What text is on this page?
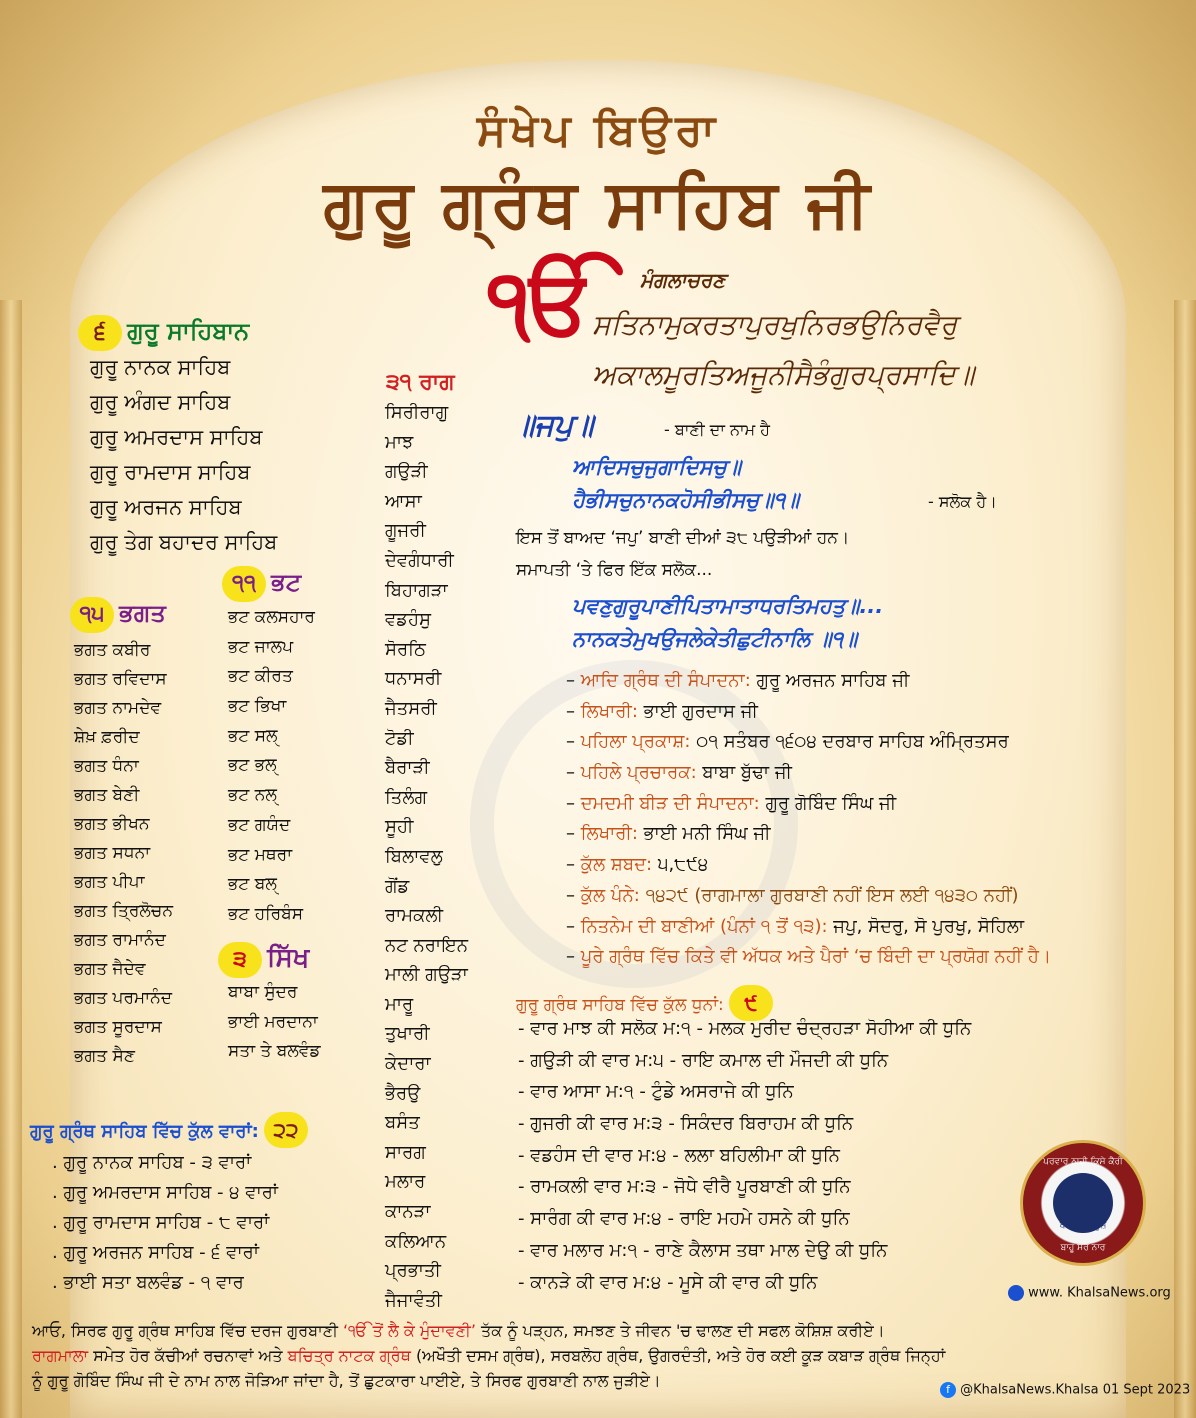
ਸੰਖੇਪ ਬਿਉਰਾ
ਗੁਰੂ ਗ੍ਰੰਥ ਸਾਹਿਬ ਜੀ
ੴ ਮੰਗਲਾਚਰਣ
ਸਤਿਨਾਮੁਕਰਤਾਪੁਰਖੁਨਿਰਭਉਨਿਰਵੈਰੁ
ਅਕਾਲਮੂਰਤਿਅਜੂਨੀਸੈਭੰਗੁਰਪ੍ਰਸਾਦਿ॥
੬ ਗੁਰੂ ਸਾਹਿਬਾਨ
ਗੁਰੂ ਨਾਨਕ ਸਾਹਿਬ
ਗੁਰੂ ਅੰਗਦ ਸਾਹਿਬ
ਗੁਰੂ ਅਮਰਦਾਸ ਸਾਹਿਬ
ਗੁਰੂ ਰਾਮਦਾਸ ਸਾਹਿਬ
ਗੁਰੂ ਅਰਜਨ ਸਾਹਿਬ
ਗੁਰੂ ਤੇਗ ਬਹਾਦਰ ਸਾਹਿਬ
੧੫ ਭਗਤ
ਭਗਤ ਕਬੀਰ
ਭਗਤ ਰਵਿਦਾਸ
ਭਗਤ ਨਾਮਦੇਵ
ਸ਼ੇਖ਼ ਫ਼ਰੀਦ
ਭਗਤ ਧੰਨਾ
ਭਗਤ ਬੇਣੀ
ਭਗਤ ਭੀਖਨ
ਭਗਤ ਸਧਨਾ
ਭਗਤ ਪੀਪਾ
ਭਗਤ ਤ੍ਰਿਲੋਚਨ
ਭਗਤ ਰਾਮਾਨੰਦ
ਭਗਤ ਜੈਦੇਵ
ਭਗਤ ਪਰਮਾਨੰਦ
ਭਗਤ ਸੂਰਦਾਸ
ਭਗਤ ਸੈਣ
੧੧ ਭਟ
ਭਟ ਕਲਸਹਾਰ
ਭਟ ਜਾਲਪ
ਭਟ ਕੀਰਤ
ਭਟ ਭਿਖਾ
ਭਟ ਸਲੑ
ਭਟ ਭਲੑ
ਭਟ ਨਲੑ
ਭਟ ਗਯੰਦ
ਭਟ ਮਥਰਾ
ਭਟ ਬਲੑ
ਭਟ ਹਰਿਬੰਸ
੩ ਸਿੱਖ
ਬਾਬਾ ਸੁੰਦਰ
ਭਾਈ ਮਰਦਾਨਾ
ਸਤਾ ਤੇ ਬਲਵੰਡ
੩੧ ਰਾਗ
ਸਿਰੀਰਾਗੁ
ਮਾਝ
ਗਉੜੀ
ਆਸਾ
ਗੂਜਰੀ
ਦੇਵਗੰਧਾਰੀ
ਬਿਹਾਗੜਾ
ਵਡਹੰਸੁ
ਸੋਰਠਿ
ਧਨਾਸਰੀ
ਜੈਤਸਰੀ
ਟੋਡੀ
ਬੈਰਾੜੀ
ਤਿਲੰਗ
ਸੂਹੀ
ਬਿਲਾਵਲੁ
ਗੋਂਡ
ਰਾਮਕਲੀ
ਨਟ ਨਰਾਇਨ
ਮਾਲੀ ਗਉੜਾ
ਮਾਰੂ
ਤੁਖਾਰੀ
ਕੇਦਾਰਾ
ਭੈਰਉ
ਬਸੰਤ
ਸਾਰਗ
ਮਲਾਰ
ਕਾਨੜਾ
ਕਲਿਆਨ
ਪ੍ਰਭਾਤੀ
ਜੈਜਾਵੰਤੀ
॥ਜਪੁ॥	- ਬਾਣੀ ਦਾ ਨਾਮ ਹੈ
ਆਦਿਸਚੁਜੁਗਾਦਿਸਚੁ॥
ਹੈਭੀਸਚੁਨਾਨਕਹੋਸੀਭੀਸਚੁ॥੧॥	- ਸਲੋਕ ਹੈ।
ਇਸ ਤੋਂ ਬਾਅਦ ‘ਜਪੁ’ ਬਾਣੀ ਦੀਆਂ ੩੮ ਪਉੜੀਆਂ ਹਨ।
ਸਮਾਪਤੀ ‘ਤੇ ਫਿਰ ਇੱਕ ਸਲੋਕ...
ਪਵਣੁਗੁਰੂਪਾਣੀਪਿਤਾਮਾਤਾਧਰਤਿਮਹਤੁ॥...
ਨਾਨਕਤੇਮੁਖਉਜਲੇਕੇਤੀਛੁਟੀਨਾਲਿ ॥੧॥
– ਆਦਿ ਗ੍ਰੰਥ ਦੀ ਸੰਪਾਦਨਾ: ਗੁਰੂ ਅਰਜਨ ਸਾਹਿਬ ਜੀ
– ਲਿਖਾਰੀ: ਭਾਈ ਗੁਰਦਾਸ ਜੀ
– ਪਹਿਲਾ ਪ੍ਰਕਾਸ਼: ੦੧ ਸਤੰਬਰ ੧੬੦੪ ਦਰਬਾਰ ਸਾਹਿਬ ਅੰਮ੍ਰਿਤਸਰ
– ਪਹਿਲੇ ਪ੍ਰਚਾਰਕ: ਬਾਬਾ ਬੁੱਢਾ ਜੀ
– ਦਮਦਮੀ ਬੀੜ ਦੀ ਸੰਪਾਦਨਾ: ਗੁਰੂ ਗੋਬਿੰਦ ਸਿੰਘ ਜੀ
– ਲਿਖਾਰੀ: ਭਾਈ ਮਨੀ ਸਿੰਘ ਜੀ
– ਕੁੱਲ ਸ਼ਬਦ: ੫,੮੯੪
– ਕੁੱਲ ਪੰਨੇ: ੧੪੨੯ (ਰਾਗਮਾਲਾ ਗੁਰਬਾਣੀ ਨਹੀਂ ਇਸ ਲਈ ੧੪੩੦ ਨਹੀਂ)
– ਨਿਤਨੇਮ ਦੀ ਬਾਣੀਆਂ (ਪੰਨਾਂ ੧ ਤੋਂ ੧੩): ਜਪੁ, ਸੋਦਰੁ, ਸੋ ਪੁਰਖੁ, ਸੋਹਿਲਾ
– ਪੂਰੇ ਗ੍ਰੰਥ ਵਿੱਚ ਕਿਤੇ ਵੀ ਅੱਧਕ ਅਤੇ ਪੈਰਾਂ ‘ਚ ਬਿੰਦੀ ਦਾ ਪ੍ਰਯੋਗ ਨਹੀਂ ਹੈ।
ਗੁਰੂ ਗ੍ਰੰਥ ਸਾਹਿਬ ਵਿੱਚ ਕੁੱਲ ਧੁਨਾਂ: ੯
- ਵਾਰ ਮਾਝ ਕੀ ਸਲੋਕ ਮ:੧ - ਮਲਕ ਮੁਰੀਦ ਚੰਦ੍ਰਹੜਾ ਸੋਹੀਆ ਕੀ ਧੁਨਿ
- ਗਉੜੀ ਕੀ ਵਾਰ ਮ:੫ - ਰਾਇ ਕਮਾਲ ਦੀ ਮੌਜਦੀ ਕੀ ਧੁਨਿ
- ਵਾਰ ਆਸਾ ਮ:੧ - ਟੁੰਡੇ ਅਸਰਾਜੇ ਕੀ ਧੁਨਿ
- ਗੁਜਰੀ ਕੀ ਵਾਰ ਮ:੩ - ਸਿਕੰਦਰ ਬਿਰਾਹਮ ਕੀ ਧੁਨਿ
- ਵਡਹੰਸ ਦੀ ਵਾਰ ਮ:੪ - ਲਲਾ ਬਹਿਲੀਮਾ ਕੀ ਧੁਨਿ
- ਰਾਮਕਲੀ ਵਾਰ ਮ:੩ - ਜੋਧੇ ਵੀਰੈ ਪੂਰਬਾਣੀ ਕੀ ਧੁਨਿ
- ਸਾਰੰਗ ਕੀ ਵਾਰ ਮ:੪ - ਰਾਇ ਮਹਮੇ ਹਸਨੇ ਕੀ ਧੁਨਿ
- ਵਾਰ ਮਲਾਰ ਮ:੧ - ਰਾਣੇ ਕੈਲਾਸ ਤਥਾ ਮਾਲ ਦੇਉ ਕੀ ਧੁਨਿ
- ਕਾਨੜੇ ਕੀ ਵਾਰ ਮ:੪ - ਮੂਸੇ ਕੀ ਵਾਰ ਕੀ ਧੁਨਿ
ਗੁਰੂ ਗ੍ਰੰਥ ਸਾਹਿਬ ਵਿੱਚ ਕੁੱਲ ਵਾਰਾਂ: ੨੨
. ਗੁਰੂ ਨਾਨਕ ਸਾਹਿਬ - ੩ ਵਾਰਾਂ
. ਗੁਰੂ ਅਮਰਦਾਸ ਸਾਹਿਬ - ੪ ਵਾਰਾਂ
. ਗੁਰੂ ਰਾਮਦਾਸ ਸਾਹਿਬ - ੮ ਵਾਰਾਂ
. ਗੁਰੂ ਅਰਜਨ ਸਾਹਿਬ - ੬ ਵਾਰਾਂ
. ਭਾਈ ਸਤਾ ਬਲਵੰਡ - ੧ ਵਾਰ
ਪਰਵਾਰ ਨਾਹੀ ਕਿਸੇ ਕੈਰੀ
ਖਾਲਸਾ ਨਿਊਜ਼
ਬਾਹੂ ਸਰੇ ਨਾਰ
www. KhalsaNews.org
ਆਓ, ਸਿਰਫ ਗੁਰੂ ਗ੍ਰੰਥ ਸਾਹਿਬ ਵਿੱਚ ਦਰਜ ਗੁਰਬਾਣੀ ‘ੴ ਤੋਂ ਲੈ ਕੇ ਮੁੰਦਾਵਣੀ’ ਤੱਕ ਨੂੰ ਪੜ੍ਹਨ, ਸਮਝਣ ਤੇ ਜੀਵਨ 'ਚ ਢਾਲਣ ਦੀ ਸਫਲ ਕੋਸ਼ਿਸ਼ ਕਰੀਏ।
ਰਾਗਮਾਲਾ ਸਮੇਤ ਹੋਰ ਕੱਚੀਆਂ ਰਚਨਾਵਾਂ ਅਤੇ ਬਚਿਤ੍ਰ ਨਾਟਕ ਗ੍ਰੰਥ (ਅਖੌਤੀ ਦਸਮ ਗ੍ਰੰਥ), ਸਰਬਲੋਹ ਗ੍ਰੰਥ, ਉਗਰਦੰਤੀ, ਅਤੇ ਹੋਰ ਕਈ ਕੂੜ ਕਬਾੜ ਗ੍ਰੰਥ ਜਿਨ੍ਹਾਂ
ਨੂੰ ਗੁਰੂ ਗੋਬਿੰਦ ਸਿੰਘ ਜੀ ਦੇ ਨਾਮ ਨਾਲ ਜੋੜਿਆ ਜਾਂਦਾ ਹੈ, ਤੋਂ ਛੁਟਕਾਰਾ ਪਾਈਏ, ਤੇ ਸਿਰਫ ਗੁਰਬਾਣੀ ਨਾਲ ਜੁੜੀਏ।	f @KhalsaNews.Khalsa 01 Sept 2023
